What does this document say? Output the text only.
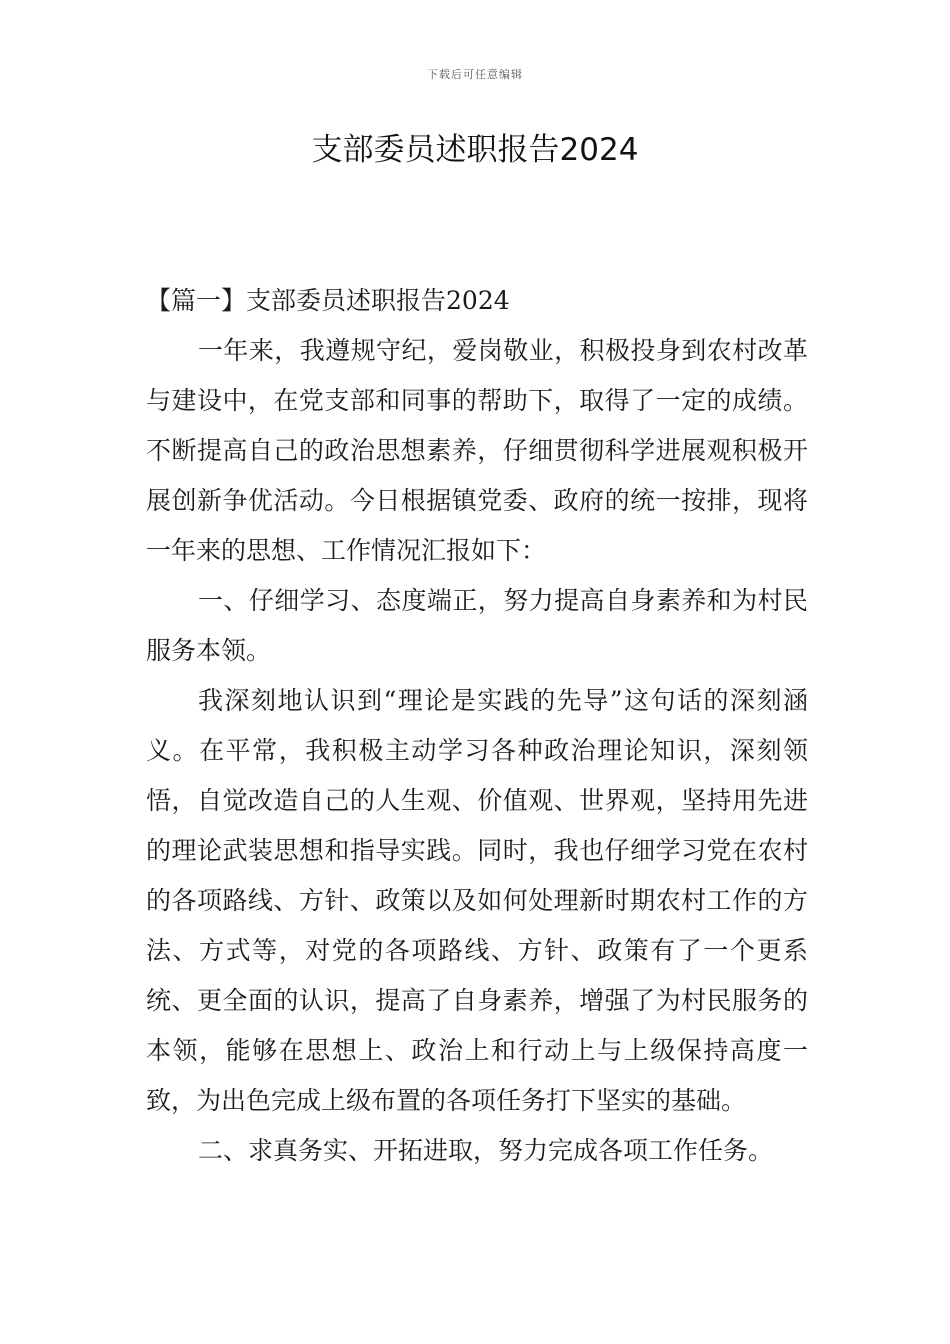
下载后可任意编辑
支部委员述职报告2024

【篇一】支部委员述职报告2024

一年来，我遵规守纪，爱岗敬业，积极投身到农村改革与建设中，在党支部和同事的帮助下，取得了一定的成绩。不断提高自己的政治思想素养，仔细贯彻科学进展观积极开展创新争优活动。今日根据镇党委、政府的统一按排，现将一年来的思想、工作情况汇报如下：

一、仔细学习、态度端正，努力提高自身素养和为村民服务本领。

我深刻地认识到“理论是实践的先导”这句话的深刻涵义。在平常，我积极主动学习各种政治理论知识，深刻领悟，自觉改造自己的人生观、价值观、世界观，坚持用先进的理论武装思想和指导实践。同时，我也仔细学习党在农村的各项路线、方针、政策以及如何处理新时期农村工作的方法、方式等，对党的各项路线、方针、政策有了一个更系统、更全面的认识，提高了自身素养，增强了为村民服务的本领，能够在思想上、政治上和行动上与上级保持高度一致，为出色完成上级布置的各项任务打下坚实的基础。

二、求真务实、开拓进取，努力完成各项工作任务。
